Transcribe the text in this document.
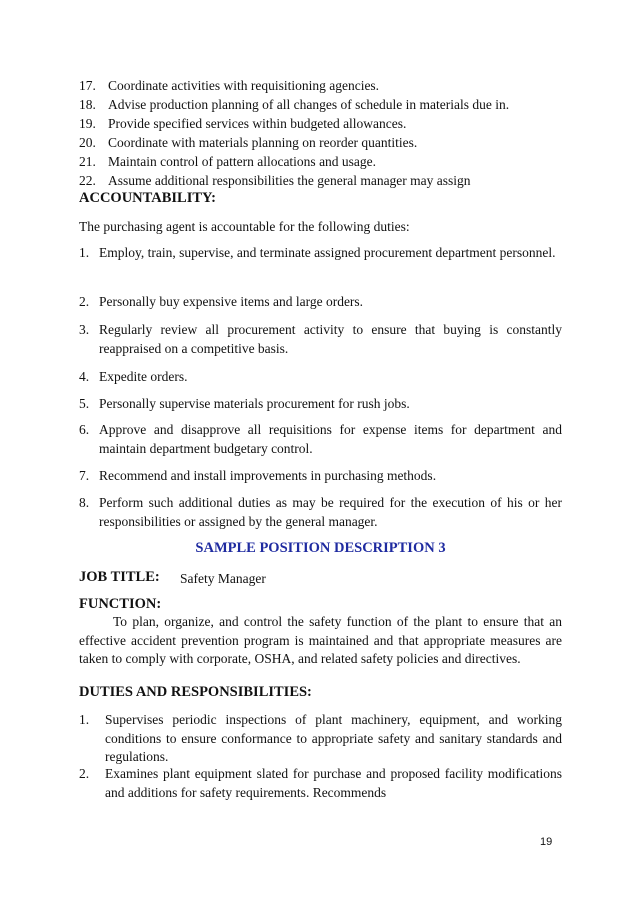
17. Coordinate activities with requisitioning agencies.
18. Advise production planning of all changes of schedule in materials due in.
19. Provide specified services within budgeted allowances.
20. Coordinate with materials planning on reorder quantities.
21. Maintain control of pattern allocations and usage.
22. Assume additional responsibilities the general manager may assign
ACCOUNTABILITY:
The purchasing agent is accountable for the following duties:
1. Employ, train, supervise, and terminate assigned procurement department personnel.
2. Personally buy expensive items and large orders.
3. Regularly review all procurement activity to ensure that buying is constantly reappraised on a competitive basis.
4. Expedite orders.
5. Personally supervise materials procurement for rush jobs.
6. Approve and disapprove all requisitions for expense items for department and maintain department budgetary control.
7. Recommend and install improvements in purchasing methods.
8. Perform such additional duties as may be required for the execution of his or her responsibilities or assigned by the general manager.
SAMPLE POSITION DESCRIPTION 3
JOB TITLE: Safety Manager
FUNCTION:
To plan, organize, and control the safety function of the plant to ensure that an effective accident prevention program is maintained and that appropriate measures are taken to comply with corporate, OSHA, and related safety policies and directives.
DUTIES AND RESPONSIBILITIES:
1. Supervises periodic inspections of plant machinery, equipment, and working conditions to ensure conformance to appropriate safety and sanitary standards and regulations.
2. Examines plant equipment slated for purchase and proposed facility modifications and additions for safety requirements. Recommends
19
